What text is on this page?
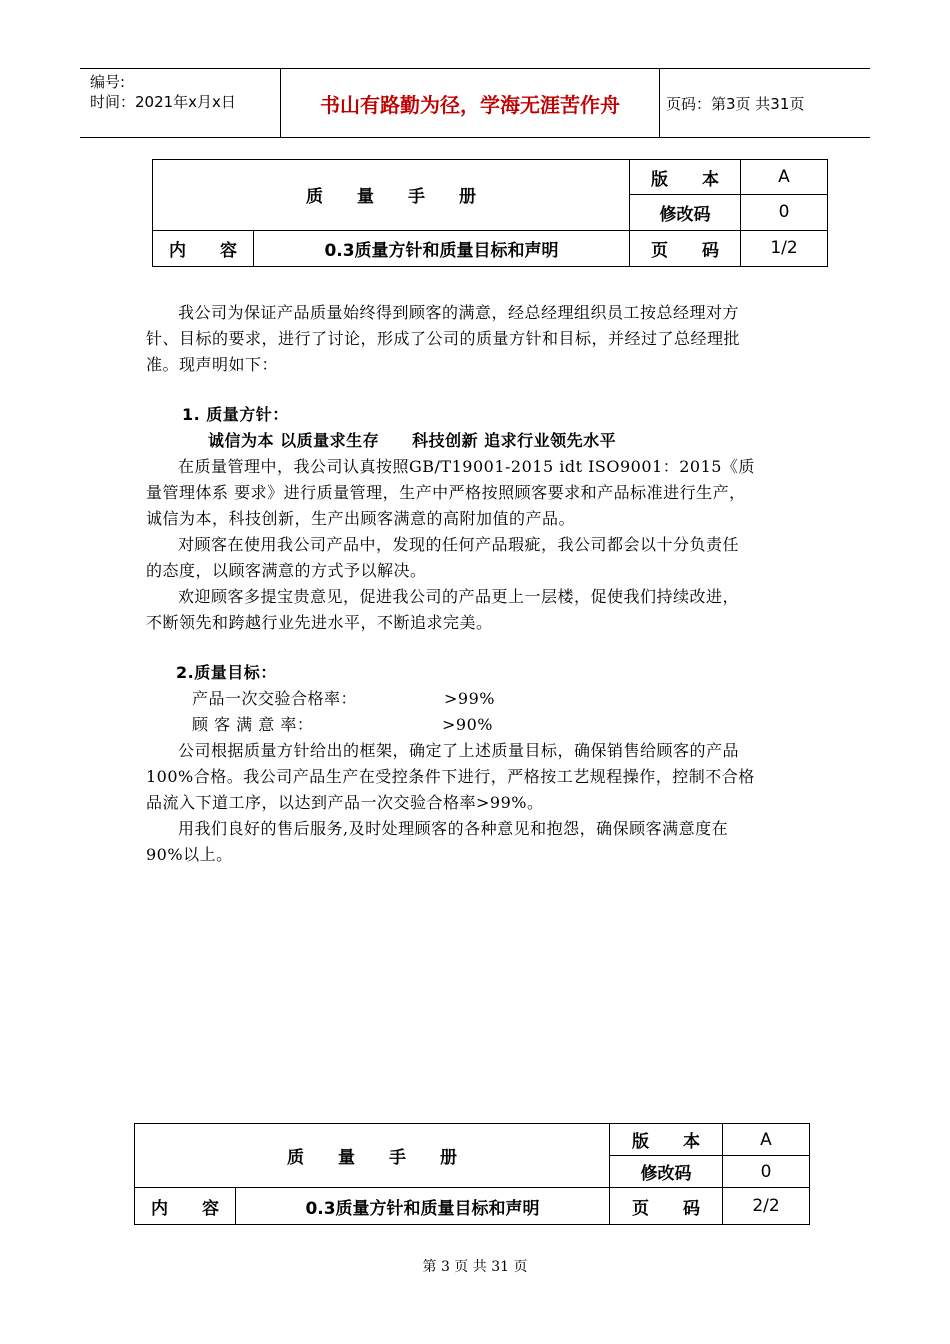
编号:
时间：2021年x月x日	书山有路勤为径，学海无涯苦作舟	页码：第3页 共31页
质　　量　　手　　册		版　　本	A
		修改码	0
内　　容	0.3质量方针和质量目标和声明	页　　码	1/2

我公司为保证产品质量始终得到顾客的满意，经总经理组织员工按总经理对方

针、目标的要求，进行了讨论，形成了公司的质量方针和目标，并经过了总经理批

准。现声明如下：

1. 质量方针：

诚信为本 以质量求生存　　科技创新 追求行业领先水平

在质量管理中，我公司认真按照GB/T19001-2015 idt ISO9001：2015《质

量管理体系 要求》进行质量管理，生产中严格按照顾客要求和产品标准进行生产，

诚信为本，科技创新，生产出顾客满意的高附加值的产品。

对顾客在使用我公司产品中，发现的任何产品瑕疵，我公司都会以十分负责任

的态度，以顾客满意的方式予以解决。

欢迎顾客多提宝贵意见，促进我公司的产品更上一层楼，促使我们持续改进，

不断领先和跨越行业先进水平，不断追求完美。

2.质量目标：

产品一次交验合格率：	>99%

顾 客 满 意 率：	>90%

公司根据质量方针给出的框架，确定了上述质量目标，确保销售给顾客的产品

100%合格。我公司产品生产在受控条件下进行，严格按工艺规程操作，控制不合格

品流入下道工序，以达到产品一次交验合格率>99%。

用我们良好的售后服务,及时处理顾客的各种意见和抱怨，确保顾客满意度在

90%以上。

质　　量　　手　　册		版　　本	A
		修改码	0
内　　容	0.3质量方针和质量目标和声明	页　　码	2/2
第 3 页 共 31 页
